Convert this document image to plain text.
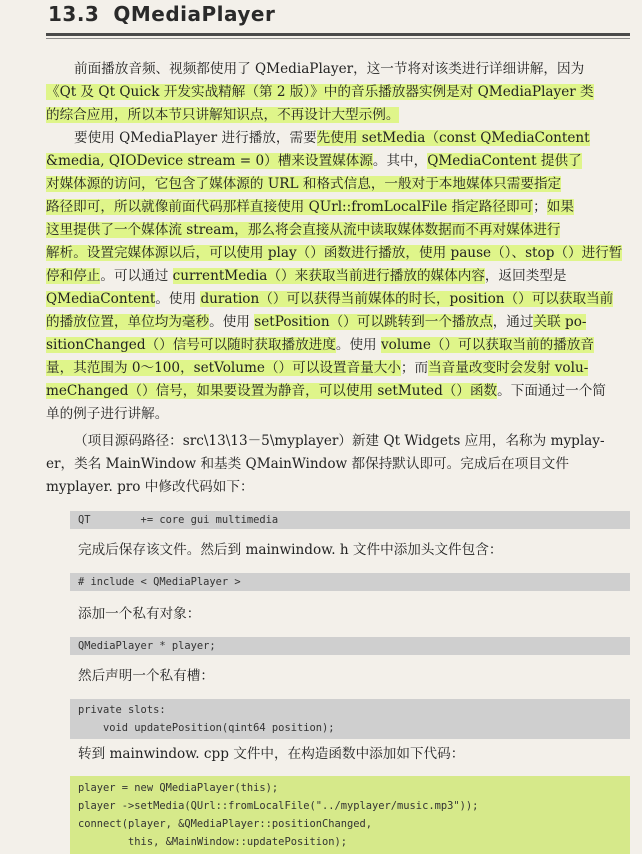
13.3 QMediaPlayer

前面播放音频、视频都使用了 QMediaPlayer，这一节将对该类进行详细讲解，因为

《Qt 及 Qt Quick 开发实战精解（第 2 版）》中的音乐播放器实例是对 QMediaPlayer 类

的综合应用，所以本节只讲解知识点，不再设计大型示例。

要使用 QMediaPlayer 进行播放，需要先使用 setMedia（const QMediaContent

&media, QIODevice stream = 0）槽来设置媒体源。其中，QMediaContent 提供了

对媒体源的访问，它包含了媒体源的 URL 和格式信息，一般对于本地媒体只需要指定

路径即可，所以就像前面代码那样直接使用 QUrl::fromLocalFile 指定路径即可；如果

这里提供了一个媒体流 stream，那么将会直接从流中读取媒体数据而不再对媒体进行

解析。设置完媒体源以后，可以使用 play（）函数进行播放，使用 pause（）、stop（）进行暂

停和停止。可以通过 currentMedia（）来获取当前进行播放的媒体内容，返回类型是

QMediaContent。使用 duration（）可以获得当前媒体的时长，position（）可以获取当前

的播放位置，单位均为毫秒。使用 setPosition（）可以跳转到一个播放点，通过关联 po-

sitionChanged（）信号可以随时获取播放进度。使用 volume（）可以获取当前的播放音

量，其范围为 0～100，setVolume（）可以设置音量大小；而当音量改变时会发射 volu-

meChanged（）信号，如果要设置为静音，可以使用 setMuted（）函数。下面通过一个简

单的例子进行讲解。

（项目源码路径：src\13\13－5\myplayer）新建 Qt Widgets 应用，名称为 myplay-

er，类名 MainWindow 和基类 QMainWindow 都保持默认即可。完成后在项目文件

myplayer. pro 中修改代码如下：

QT        += core gui multimedia
完成后保存该文件。然后到 mainwindow. h 文件中添加头文件包含：
# include < QMediaPlayer >
添加一个私有对象：
QMediaPlayer * player;
然后声明一个私有槽：
private slots:
void updatePosition(qint64 position);
转到 mainwindow. cpp 文件中，在构造函数中添加如下代码：
player = new QMediaPlayer(this);
player ->setMedia(QUrl::fromLocalFile("../myplayer/music.mp3"));
connect(player, &QMediaPlayer::positionChanged,
this, &MainWindow::updatePosition);
